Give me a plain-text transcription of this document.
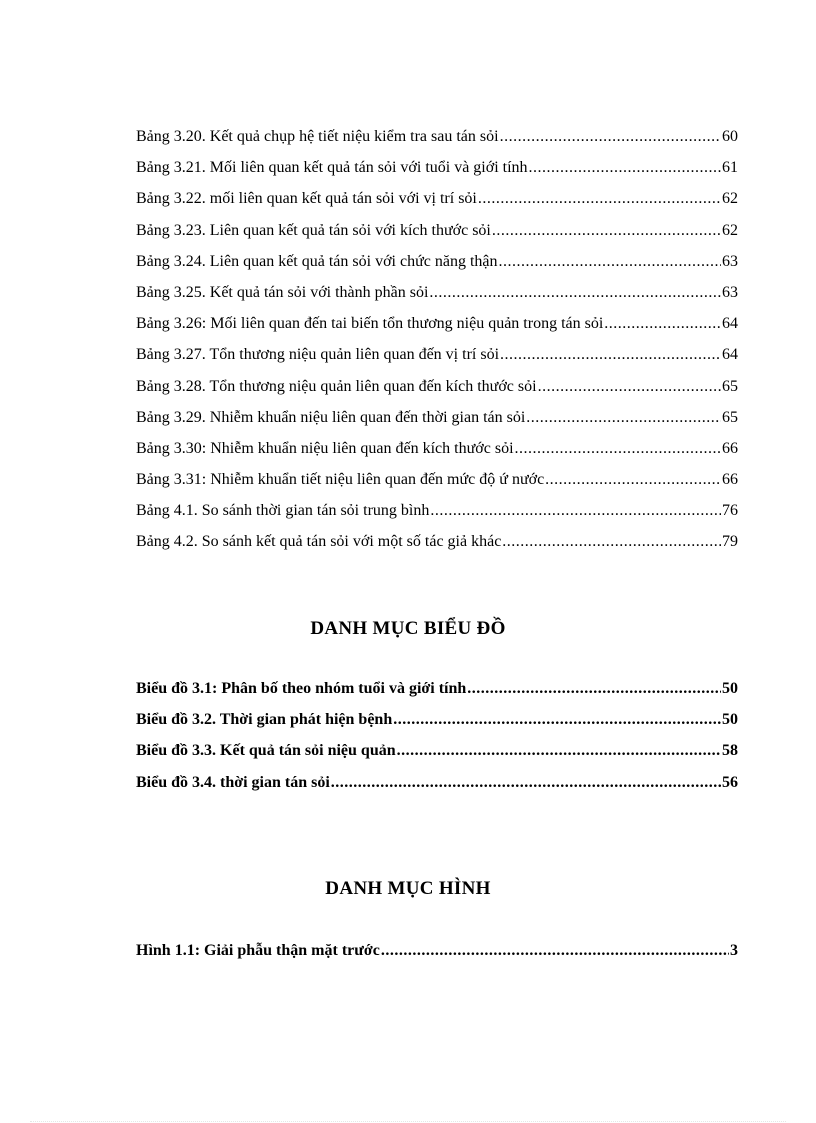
Bảng 3.20. Kết quả chụp hệ tiết niệu kiểm tra sau tán sỏi .....	60
Bảng 3.21. Mối liên quan kết quả tán sỏi với tuổi và giới tính .....	61
Bảng 3.22. mối liên quan kết quả tán sỏi với vị trí sỏi .....	62
Bảng 3.23. Liên quan kết quả tán sỏi với kích thước sỏi .....	62
Bảng 3.24. Liên quan kết quả tán sỏi với chức năng thận .....	63
Bảng 3.25. Kết quả tán sỏi với thành phần sỏi .....	63
Bảng 3.26: Mối liên quan đến tai biến tổn thương niệu quản trong tán sỏi .....	64
Bảng 3.27. Tổn thương niệu quản liên quan đến vị trí sỏi .....	64
Bảng 3.28. Tổn thương niệu quản liên quan đến kích thước sỏi .....	65
Bảng 3.29. Nhiễm khuẩn niệu liên quan đến thời gian tán sỏi .....	65
Bảng 3.30: Nhiễm khuẩn niệu liên quan đến kích thước sỏi .....	66
Bảng 3.31: Nhiễm khuẩn tiết niệu liên quan đến mức độ ứ nước .....	66
Bảng 4.1. So sánh thời gian tán sỏi trung bình .....	76
Bảng 4.2. So sánh kết quả tán sỏi với một số tác giả khác .....	79
DANH MỤC BIỂU ĐỒ
Biểu đồ 3.1: Phân bố theo nhóm tuổi và giới tính .....	50
Biểu đồ 3.2. Thời gian phát hiện bệnh .....	50
Biểu đồ 3.3. Kết quả tán sỏi niệu quản .....	58
Biểu đồ 3.4. thời gian tán sỏi .....	56
DANH MỤC HÌNH
Hình 1.1: Giải phẫu thận mặt trước .....	3
